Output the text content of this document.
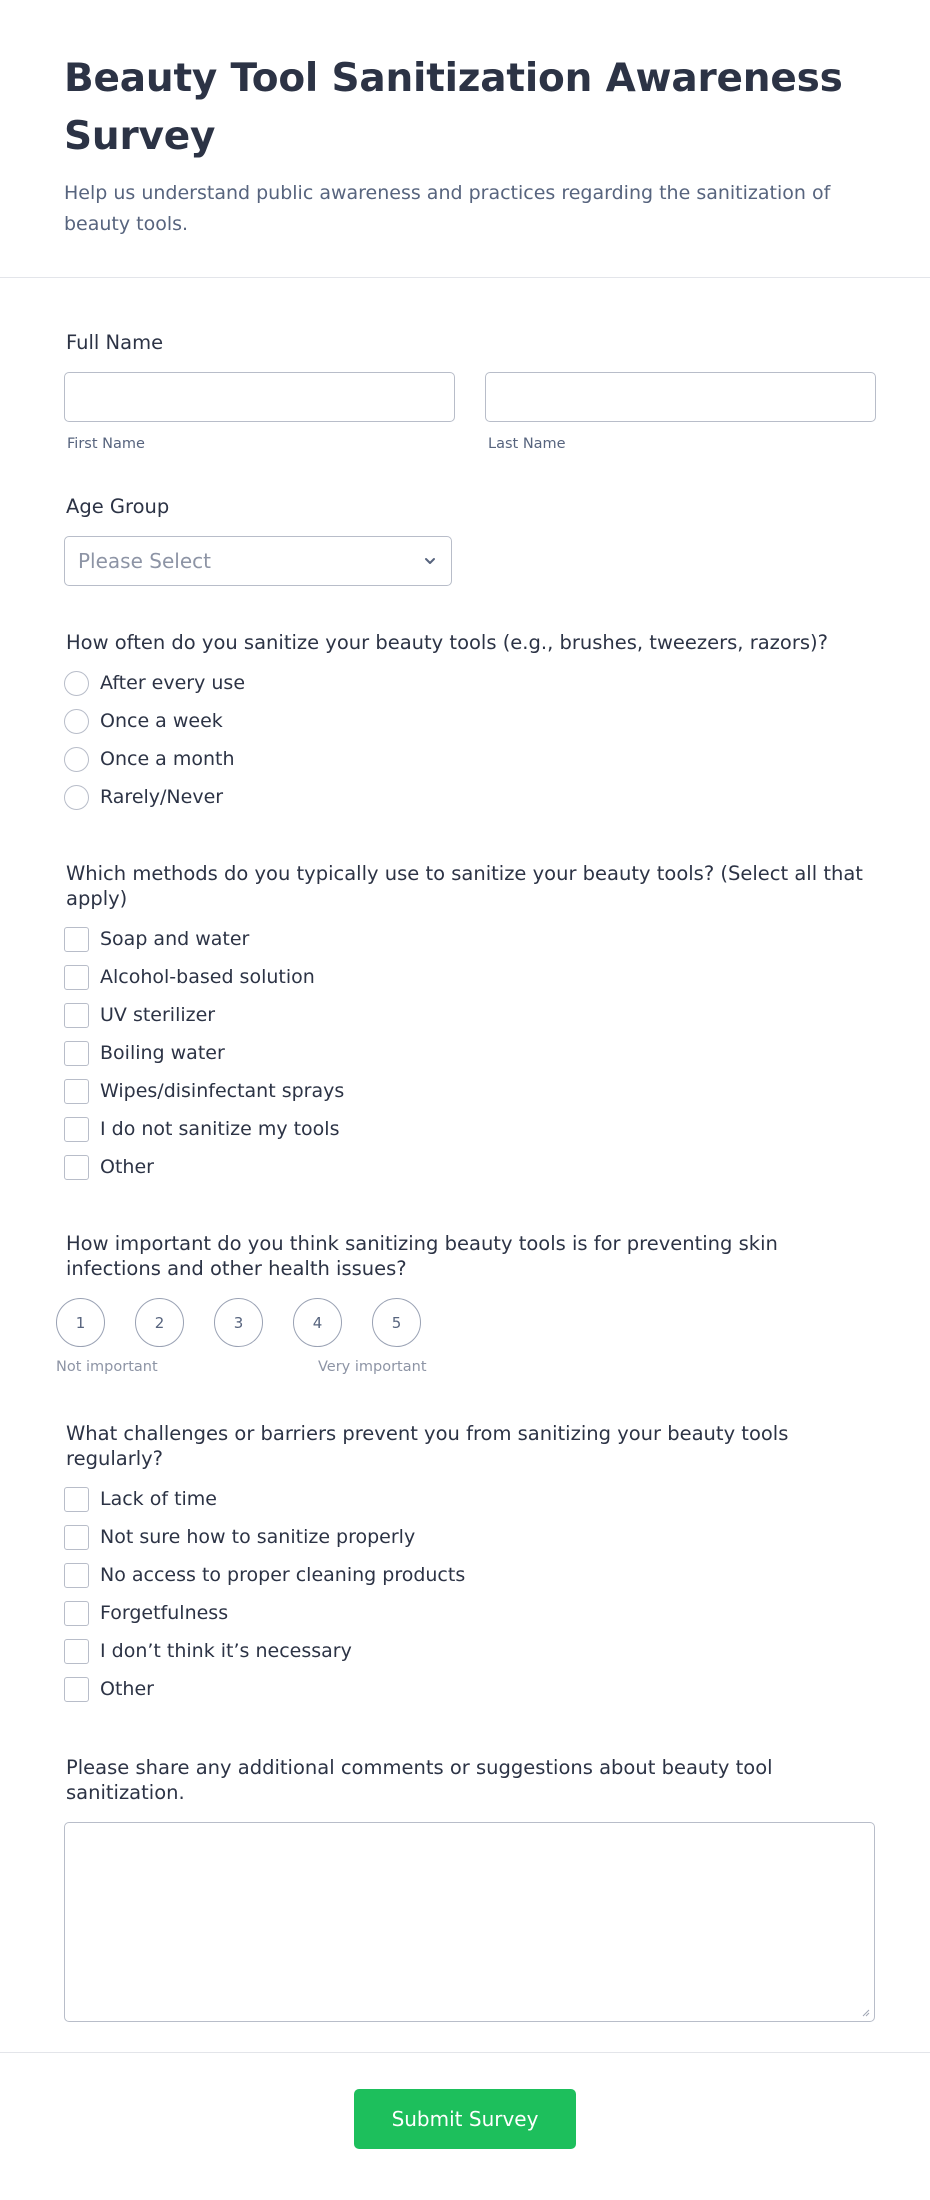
Beauty Tool Sanitization Awareness Survey

Help us understand public awareness and practices regarding the sanitization of beauty tools.

Full Name
First Name	Last Name
Age Group
Please Select
How often do you sanitize your beauty tools (e.g., brushes, tweezers, razors)?
After every use
Once a week
Once a month
Rarely/Never
Which methods do you typically use to sanitize your beauty tools? (Select all that apply)
Soap and water
Alcohol-based solution
UV sterilizer
Boiling water
Wipes/disinfectant sprays
I do not sanitize my tools
Other
How important do you think sanitizing beauty tools is for preventing skin infections and other health issues?
1	2	3	4	5
Not important	Very important
What challenges or barriers prevent you from sanitizing your beauty tools regularly?
Lack of time
Not sure how to sanitize properly
No access to proper cleaning products
Forgetfulness
I don’t think it’s necessary
Other
Please share any additional comments or suggestions about beauty tool sanitization.
Submit Survey
